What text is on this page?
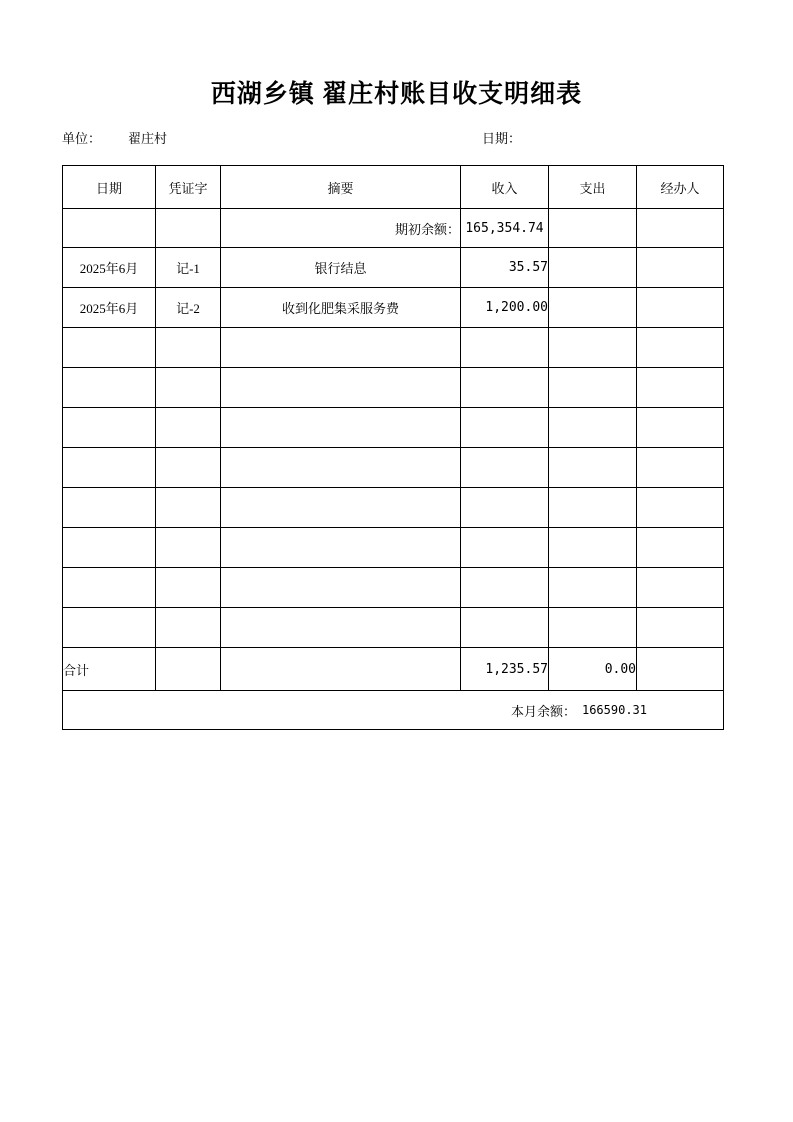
西湖乡镇 翟庄村账目收支明细表
单位： 翟庄村	日期：
日期	凭证字	摘要	收入	支出	经办人
		期初余额：	165,354.74		
2025年6月	记-1	银行结息	35.57		
2025年6月	记-2	收到化肥集采服务费	1,200.00		

合计			1,235.57	0.00	

本月余额： 166590.31					
